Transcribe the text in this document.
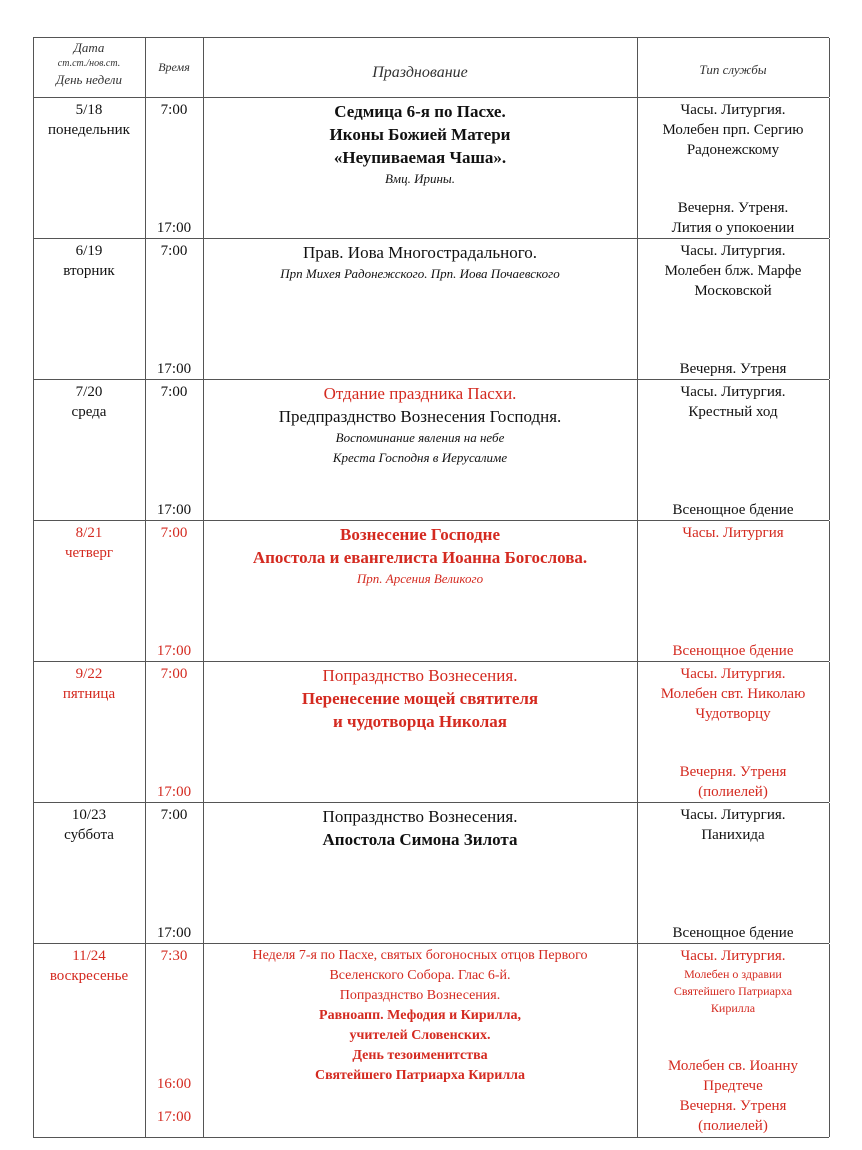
Дата
ст.ст./нов.ст.
День недели
Время	Празднование	Тип службы
5/18
понедельник
7:00
17:00
Седмица 6-я по Пасхе.
Иконы Божией Матери
«Неупиваемая Чаша».
Вмц. Ирины.
Часы. Литургия.
Молебен прп. Сергию
Радонежскому
Вечерня. Утреня.
Лития о упокоении
6/19
вторник
7:00
17:00
Прав. Иова Многострадального.
Прп Михея Радонежского. Прп. Иова Почаевского
Часы. Литургия.
Молебен блж. Марфе
Московской
Вечерня. Утреня
7/20
среда
7:00
17:00
Отдание праздника Пасхи.
Предпразднство Вознесения Господня.
Воспоминание явления на небе
Креста Господня в Иерусалиме
Часы. Литургия.
Крестный ход
Всенощное бдение
8/21
четверг
7:00
17:00
Вознесение Господне
Апостола и евангелиста Иоанна Богослова.
Прп. Арсения Великого
Часы. Литургия
Всенощное бдение
9/22
пятница
7:00
17:00
Попразднство Вознесения.
Перенесение мощей святителя
и чудотворца Николая
Часы. Литургия.
Молебен свт. Николаю
Чудотворцу
Вечерня. Утреня
(полиелей)
10/23
суббота
7:00
17:00
Попразднство Вознесения.
Апостола Симона Зилота
Часы. Литургия.
Панихида
Всенощное бдение
11/24
воскресенье
7:30
16:00
17:00
Неделя 7-я по Пасхе, святых богоносных отцов Первого
Вселенского Собора. Глас 6-й.
Попразднство Вознесения.
Равноапп. Мефодия и Кирилла,
учителей Словенских.
День тезоименитства
Святейшего Патриарха Кирилла
Часы. Литургия.
Молебен о здравии
Святейшего Патриарха
Кирилла
Молебен св. Иоанну
Предтече
Вечерня. Утреня
(полиелей)
